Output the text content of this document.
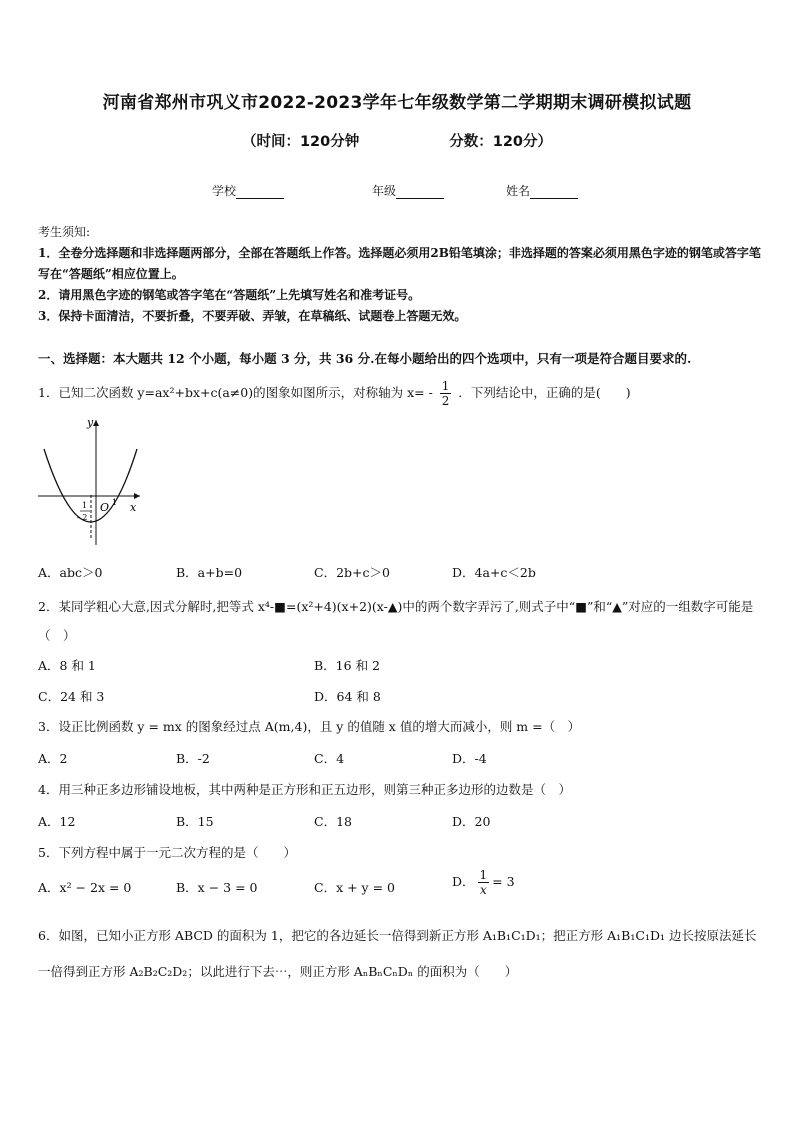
河南省郑州市巩义市2022-2023学年七年级数学第二学期期末调研模拟试题
（时间：120分钟	分数：120分）
学校	年级	姓名
考生须知:
1．全卷分选择题和非选择题两部分，全部在答题纸上作答。选择题必须用2B铅笔填涂；非选择题的答案必须用黑色字迹的钢笔或答字笔写在“答题纸”相应位置上。
2．请用黑色字迹的钢笔或答字笔在“答题纸”上先填写姓名和准考证号。
3．保持卡面清洁，不要折叠，不要弄破、弄皱，在草稿纸、试题卷上答题无效。
一、选择题：本大题共 12 个小题，每小题 3 分，共 36 分.在每小题给出的四个选项中，只有一项是符合题目要求的.
1．已知二次函数 y=ax²+bx+c(a≠0)的图象如图所示，对称轴为 $x= - \frac{1}{2}$ ．下列结论中，正确的是(　　)
y
x
O 1
1
- 2
A．abc＞0	B．a+b=0	C．2b+c＞0	D．4a+c＜2b
2．某同学粗心大意,因式分解时,把等式 x⁴-■=(x²+4)(x+2)(x-▲)中的两个数字弄污了,则式子中“■”和“▲”对应的一组数字可能是（　）
A．8 和 1	B．16 和 2
C．24 和 3	D．64 和 8
3．设正比例函数 y = mx 的图象经过点 A(m,4)，且 y 的值随 x 值的增大而减小，则 m =（　）
A．2	B．-2	C．4	D．-4
4．用三种正多边形铺设地板，其中两种是正方形和正五边形，则第三种正多边形的边数是（　）
A．12	B．15	C．18	D．20
5．下列方程中属于一元二次方程的是（　　）
A．x² − 2x = 0	B．x − 3 = 0	C．x + y = 0	D． $\frac{1}{x} = 3$
6．如图，已知小正方形 ABCD 的面积为 1，把它的各边延长一倍得到新正方形 A₁B₁C₁D₁；把正方形 A₁B₁C₁D₁ 边长按原法延长一倍得到正方形 A₂B₂C₂D₂；以此进行下去⋯，则正方形 AₙBₙCₙDₙ 的面积为（　　）
